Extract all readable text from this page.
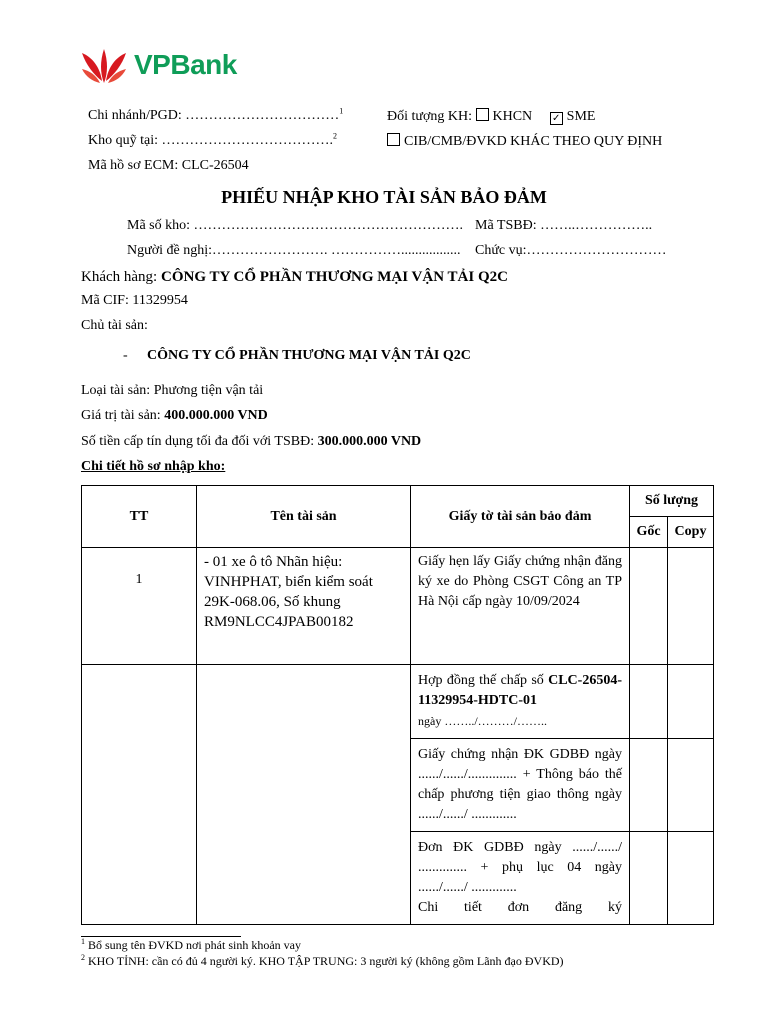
VPBank
Chi nhánh/PGD: ……………………………$^1$
Kho quỹ tại: ……………………………….$^2$
Mã hồ sơ ECM: CLC-26504
Đối tượng KH: KHCN ✓ SME
CIB/CMB/ĐVKD KHÁC THEO QUY ĐỊNH
PHIẾU NHẬP KHO TÀI SẢN BẢO ĐẢM
Mã số kho: …………………………………………………. Mã TSBĐ: ……..……………..
Người đề nghị:……………………. ……………................. Chức vụ:…………………………
Khách hàng: CÔNG TY CỔ PHẦN THƯƠNG MẠI VẬN TẢI Q2C
Mã CIF: 11329954
Chủ tài sản:
- CÔNG TY CỔ PHẦN THƯƠNG MẠI VẬN TẢI Q2C
Loại tài sản: Phương tiện vận tải
Giá trị tài sản: 400.000.000 VND
Số tiền cấp tín dụng tối đa đối với TSBĐ: 300.000.000 VND
Chi tiết hồ sơ nhập kho:
TT	Tên tài sản	Giấy tờ tài sản bảo đảm	Số lượng	
			Gốc	Copy
1	- 01 xe ô tô Nhãn hiệu: VINHPHAT, biển kiểm soát 29K-068.06, Số khung RM9NLCC4JPAB00182	Giấy hẹn lấy Giấy chứng nhận đăng ký xe do Phòng CSGT Công an TP Hà Nội cấp ngày 10/09/2024		
		Hợp đồng thế chấp số CLC-26504-11329954-HDTC-01
ngày ……../………/……..		
		Giấy chứng nhận ĐK GDBĐ ngày ....../....../.............. + Thông báo thế chấp phương tiện giao thông ngày ....../....../ .............		

		Đơn ĐK GDBĐ ngày ....../....../ .............. + phụ lục 04 ngày ....../....../ .............
Chi tiết đơn đăng ký		

$^1$ Bổ sung tên ĐVKD nơi phát sinh khoản vay
$^2$ KHO TỈNH: cần có đủ 4 người ký. KHO TẬP TRUNG: 3 người ký (không gồm Lãnh đạo ĐVKD)
